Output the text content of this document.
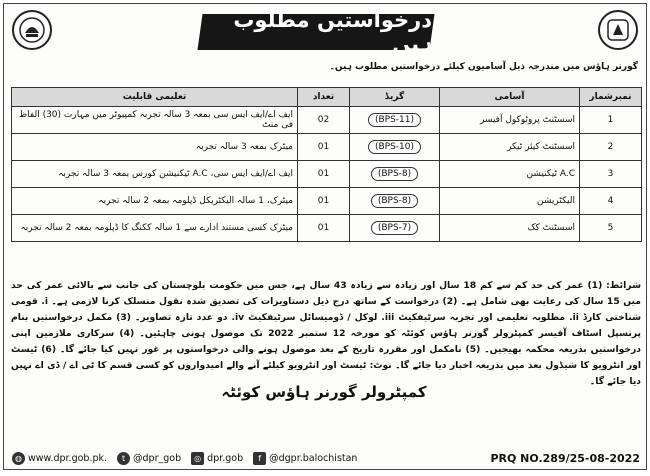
درخواستیں مطلوب ہیں
گورنر ہاؤس میں مندرجہ ذیل آسامیوں کیلئے درخواستیں مطلوب ہیں۔
نمبرشمار	آسامی	گریڈ	تعداد	تعلیمی قابلیت
1	اسسٹنٹ پروٹوکول آفیسر	(BPS-11)	02	ایف اے/ایف ایس سی بمعہ 3 سالہ تجربہ کمپیوٹر میں مہارت (30) الفاظ فی منٹ
2	اسسٹنٹ کیئر ٹیکر	(BPS-10)	01	میٹرک بمعہ 3 سالہ تجربہ
3	A.C ٹیکنیشن	(BPS-8)	01	ایف اے/ایف ایس سی، A.C ٹیکنیشن کورس بمعہ 3 سالہ تجربہ
4	الیکٹریشن	(BPS-8)	01	میٹرک، 1 سالہ الیکٹریکل ڈپلومہ بمعہ 2 سالہ تجربہ
5	اسسٹنٹ کک	(BPS-7)	01	میٹرک کسی مستند ادارے سے 1 سالہ ککنگ کا ڈپلومہ بمعہ 2 سالہ تجربہ

شرائط: (1) عمر کی حد کم سے کم 18 سال اور زیادہ سے زیادہ 43 سال ہے، جس میں حکومت بلوچستان کی جانب سے بالائی عمر کی حد میں 15 سال کی رعایت بھی شامل ہے۔ (2) درخواست کے ساتھ درج ذیل دستاویزات کی تصدیق شدہ نقول منسلک کرنا لازمی ہے۔ i. قومی شناختی کارڈ ii. مطلوبہ تعلیمی اور تجربہ سرٹیفکیٹ iii. لوکل / ڈومیسائل سرٹیفکیٹ iv. دو عدد تازہ تصاویر۔ (3) مکمل درخواستیں بنام پرنسپل اسٹاف آفیسر کمپٹرولر گورنر ہاؤس کوئٹہ کو مورخہ 12 ستمبر 2022 تک موصول ہونی چاہئیں۔ (4) سرکاری ملازمین اپنی درخواستیں بذریعہ محکمہ بھیجیں۔ (5) نامکمل اور مقررہ تاریخ کے بعد موصول ہونے والی درخواستوں پر غور نہیں کیا جائے گا۔ (6) ٹیسٹ اور انٹرویو کا شیڈول بعد میں بذریعہ اخبار دیا جائے گا۔ نوٹ: ٹیسٹ اور انٹرویو کیلئے آنے والے امیدواروں کو کسی قسم کا ٹی اے / ڈی اے نہیں دیا جائے گا۔

کمپٹرولر گورنر ہاؤس کوئٹہ
◍ www.dpr.gob.pk.	t @dpr_gob	◎ dpr.gob	f @dgpr.balochistan	PRQ NO.289/25-08-2022
